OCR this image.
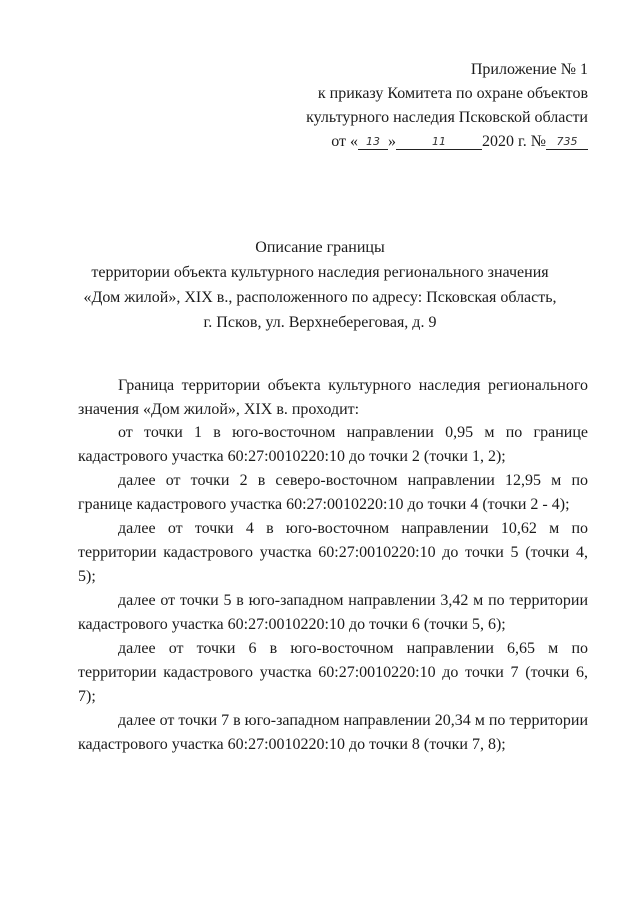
Приложение № 1
к приказу Комитета по охране объектов
культурного наследия Псковской области
от « 13 »	11 2020 г. № 735
Описание границы
территории объекта культурного наследия регионального значения
«Дом жилой», XIX в., расположенного по адресу: Псковская область,
г. Псков, ул. Верхнебереговая, д. 9

Граница территории объекта культурного наследия регионального значения «Дом жилой», XIX в. проходит:

от точки 1 в юго-восточном направлении 0,95 м по границе кадастрового участка 60:27:0010220:10 до точки 2 (точки 1, 2);

далее от точки 2 в северо-восточном направлении 12,95 м по границе кадастрового участка 60:27:0010220:10 до точки 4 (точки 2 - 4);

далее от точки 4 в юго-восточном направлении 10,62 м по территории кадастрового участка 60:27:0010220:10 до точки 5 (точки 4, 5);

далее от точки 5 в юго-западном направлении 3,42 м по территории кадастрового участка 60:27:0010220:10 до точки 6 (точки 5, 6);

далее от точки 6 в юго-восточном направлении 6,65 м по территории кадастрового участка 60:27:0010220:10 до точки 7 (точки 6, 7);

далее от точки 7 в юго-западном направлении 20,34 м по территории кадастрового участка 60:27:0010220:10 до точки 8 (точки 7, 8);
